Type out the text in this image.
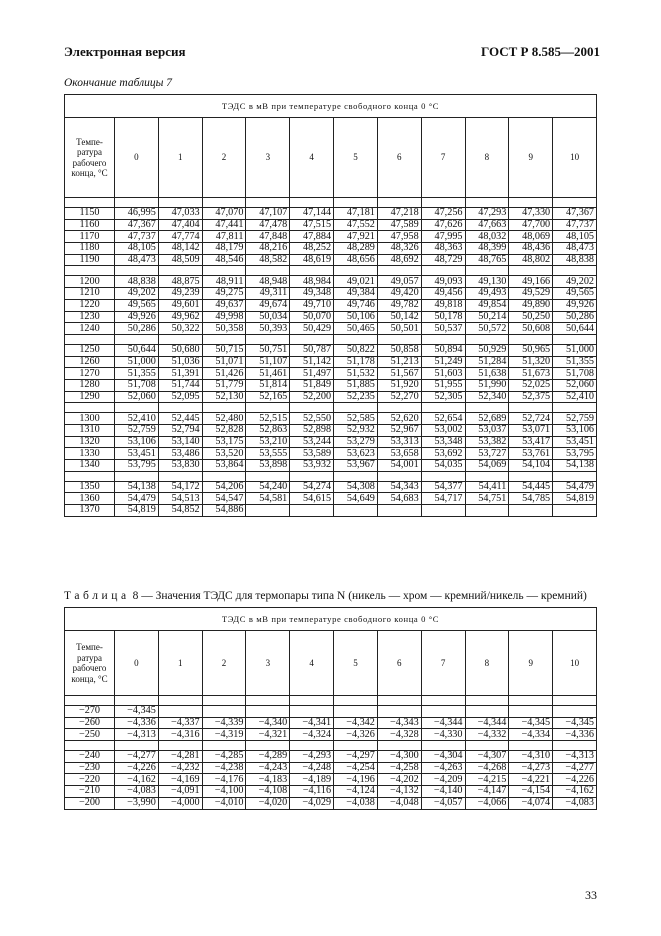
Электронная версия	ГОСТ Р 8.585—2001
Окончание таблицы 7
ТЭДС в мВ при температуре свободного конца 0 °С											
Темпе-ратура рабочего конца, °С	0	1	2	3	4	5	6	7	8	9	10

1150	46,995	47,033	47,070	47,107	47,144	47,181	47,218	47,256	47,293	47,330	47,367
1160	47,367	47,404	47,441	47,478	47,515	47,552	47,589	47,626	47,663	47,700	47,737
1170	47,737	47,774	47,811	47,848	47,884	47,921	47,958	47,995	48,032	48,069	48,105
1180	48,105	48,142	48,179	48,216	48,252	48,289	48,326	48,363	48,399	48,436	48,473
1190	48,473	48,509	48,546	48,582	48,619	48,656	48,692	48,729	48,765	48,802	48,838

1200	48,838	48,875	48,911	48,948	48,984	49,021	49,057	49,093	49,130	49,166	49,202
1210	49,202	49,239	49,275	49,311	49,348	49,384	49,420	49,456	49,493	49,529	49,565
1220	49,565	49,601	49,637	49,674	49,710	49,746	49,782	49,818	49,854	49,890	49,926
1230	49,926	49,962	49,998	50,034	50,070	50,106	50,142	50,178	50,214	50,250	50,286
1240	50,286	50,322	50,358	50,393	50,429	50,465	50,501	50,537	50,572	50,608	50,644

1250	50,644	50,680	50,715	50,751	50,787	50,822	50,858	50,894	50,929	50,965	51,000
1260	51,000	51,036	51,071	51,107	51,142	51,178	51,213	51,249	51,284	51,320	51,355
1270	51,355	51,391	51,426	51,461	51,497	51,532	51,567	51,603	51,638	51,673	51,708
1280	51,708	51,744	51,779	51,814	51,849	51,885	51,920	51,955	51,990	52,025	52,060
1290	52,060	52,095	52,130	52,165	52,200	52,235	52,270	52,305	52,340	52,375	52,410

1300	52,410	52,445	52,480	52,515	52,550	52,585	52,620	52,654	52,689	52,724	52,759
1310	52,759	52,794	52,828	52,863	52,898	52,932	52,967	53,002	53,037	53,071	53,106
1320	53,106	53,140	53,175	53,210	53,244	53,279	53,313	53,348	53,382	53,417	53,451
1330	53,451	53,486	53,520	53,555	53,589	53,623	53,658	53,692	53,727	53,761	53,795
1340	53,795	53,830	53,864	53,898	53,932	53,967	54,001	54,035	54,069	54,104	54,138

1350	54,138	54,172	54,206	54,240	54,274	54,308	54,343	54,377	54,411	54,445	54,479
1360	54,479	54,513	54,547	54,581	54,615	54,649	54,683	54,717	54,751	54,785	54,819
1370	54,819	54,852	54,886								
Таблица 8 — Значения ТЭДС для термопары типа N (никель — хром — кремний/никель — кремний)
ТЭДС в мВ при температуре свободного конца 0 °С											
Темпе-ратура рабочего конца, °С	0	1	2	3	4	5	6	7	8	9	10

−270	−4,345										
−260	−4,336	−4,337	−4,339	−4,340	−4,341	−4,342	−4,343	−4,344	−4,344	−4,345	−4,345
−250	−4,313	−4,316	−4,319	−4,321	−4,324	−4,326	−4,328	−4,330	−4,332	−4,334	−4,336

−240	−4,277	−4,281	−4,285	−4,289	−4,293	−4,297	−4,300	−4,304	−4,307	−4,310	−4,313
−230	−4,226	−4,232	−4,238	−4,243	−4,248	−4,254	−4,258	−4,263	−4,268	−4,273	−4,277
−220	−4,162	−4,169	−4,176	−4,183	−4,189	−4,196	−4,202	−4,209	−4,215	−4,221	−4,226
−210	−4,083	−4,091	−4,100	−4,108	−4,116	−4,124	−4,132	−4,140	−4,147	−4,154	−4,162
−200	−3,990	−4,000	−4,010	−4,020	−4,029	−4,038	−4,048	−4,057	−4,066	−4,074	−4,083
33
